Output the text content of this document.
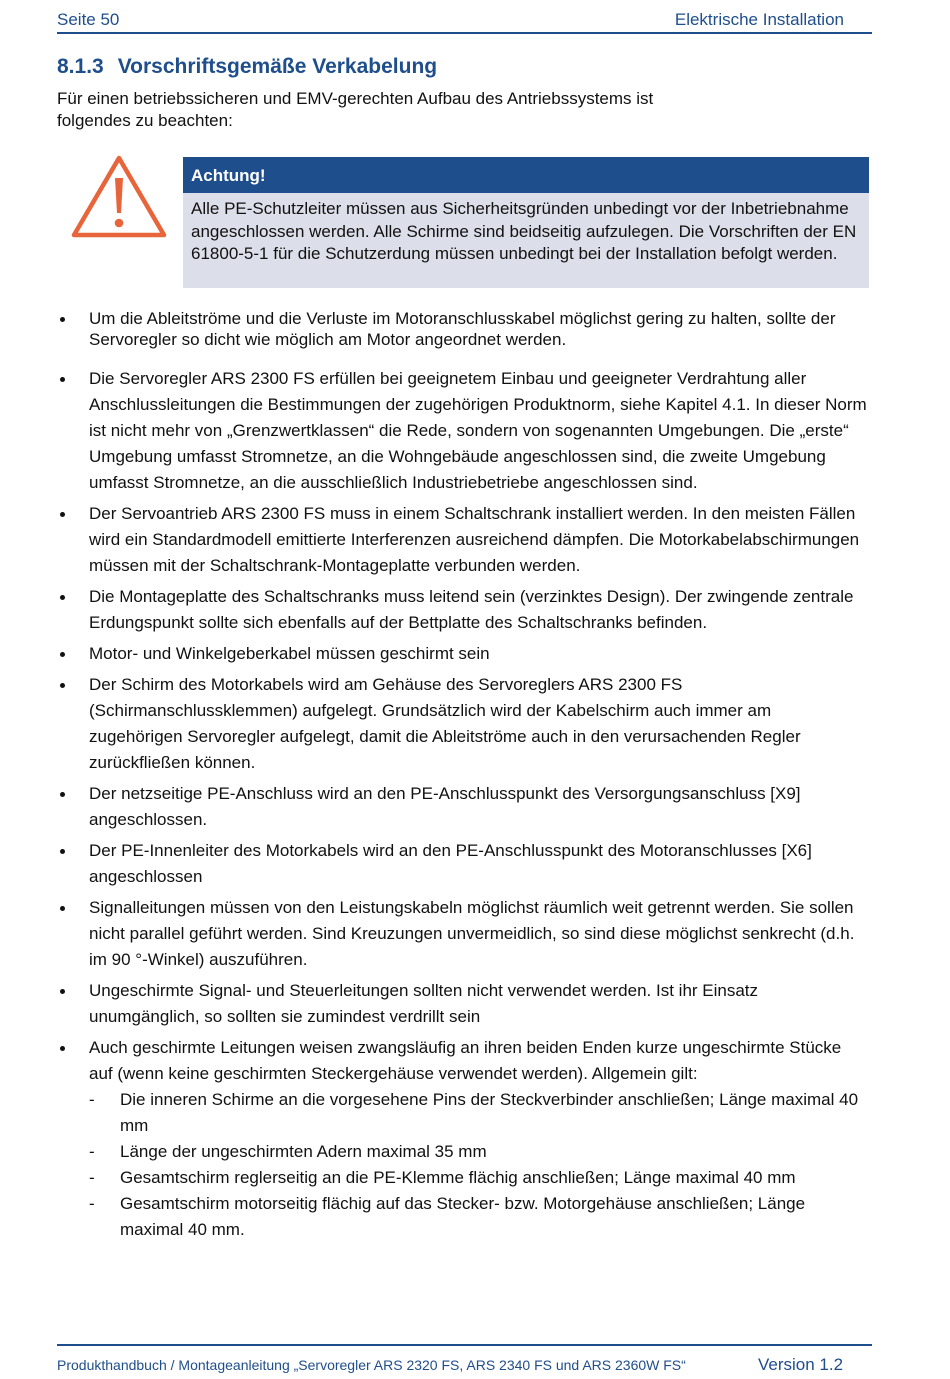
Seite 50	Elektrische Installation
8.1.3 Vorschriftsgemäße Verkabelung
Für einen betriebssicheren und EMV-gerechten Aufbau des Antriebssystems ist
folgendes zu beachten:
Achtung!
Alle PE-Schutzleiter müssen aus Sicherheitsgründen unbedingt vor der Inbetriebnahme angeschlossen werden. Alle Schirme sind beidseitig aufzulegen. Die Vorschriften der EN 61800-5-1 für die Schutzerdung müssen unbedingt bei der Installation befolgt werden.
Um die Ableitströme und die Verluste im Motoranschlusskabel möglichst gering zu halten, sollte der Servoregler so dicht wie möglich am Motor angeordnet werden.
Die Servoregler ARS 2300 FS erfüllen bei geeignetem Einbau und geeigneter Verdrahtung aller Anschlussleitungen die Bestimmungen der zugehörigen Produktnorm, siehe Kapitel 4.1. In dieser Norm ist nicht mehr von „Grenzwertklassen“ die Rede, sondern von sogenannten Umgebungen. Die „erste“ Umgebung umfasst Stromnetze, an die Wohngebäude angeschlossen sind, die zweite Umgebung umfasst Stromnetze, an die ausschließlich Industriebetriebe angeschlossen sind.
Der Servoantrieb ARS 2300 FS muss in einem Schaltschrank installiert werden. In den meisten Fällen wird ein Standardmodell emittierte Interferenzen ausreichend dämpfen. Die Motorkabelabschirmungen müssen mit der Schaltschrank-Montageplatte verbunden werden.
Die Montageplatte des Schaltschranks muss leitend sein (verzinktes Design). Der zwingende zentrale Erdungspunkt sollte sich ebenfalls auf der Bettplatte des Schaltschranks befinden.
Motor- und Winkelgeberkabel müssen geschirmt sein
Der Schirm des Motorkabels wird am Gehäuse des Servoreglers ARS 2300 FS (Schirmanschlussklemmen) aufgelegt. Grundsätzlich wird der Kabelschirm auch immer am zugehörigen Servoregler aufgelegt, damit die Ableitströme auch in den verursachenden Regler zurückfließen können.
Der netzseitige PE-Anschluss wird an den PE-Anschlusspunkt des Versorgungsanschluss [X9] angeschlossen.
Der PE-Innenleiter des Motorkabels wird an den PE-Anschlusspunkt des Motoranschlusses [X6] angeschlossen
Signalleitungen müssen von den Leistungskabeln möglichst räumlich weit getrennt werden. Sie sollen nicht parallel geführt werden. Sind Kreuzungen unvermeidlich, so sind diese möglichst senkrecht (d.h. im 90 °-Winkel) auszuführen.
Ungeschirmte Signal- und Steuerleitungen sollten nicht verwendet werden. Ist ihr Einsatz unumgänglich, so sollten sie zumindest verdrillt sein
Auch geschirmte Leitungen weisen zwangsläufig an ihren beiden Enden kurze ungeschirmte Stücke auf (wenn keine geschirmten Steckergehäuse verwendet werden). Allgemein gilt:
- Die inneren Schirme an die vorgesehene Pins der Steckverbinder anschließen; Länge maximal 40 mm
- Länge der ungeschirmten Adern maximal 35 mm
- Gesamtschirm reglerseitig an die PE-Klemme flächig anschließen; Länge maximal 40 mm
- Gesamtschirm motorseitig flächig auf das Stecker- bzw. Motorgehäuse anschließen; Länge maximal 40 mm.
Produkthandbuch / Montageanleitung „Servoregler ARS 2320 FS, ARS 2340 FS und ARS 2360W FS“	Version 1.2
